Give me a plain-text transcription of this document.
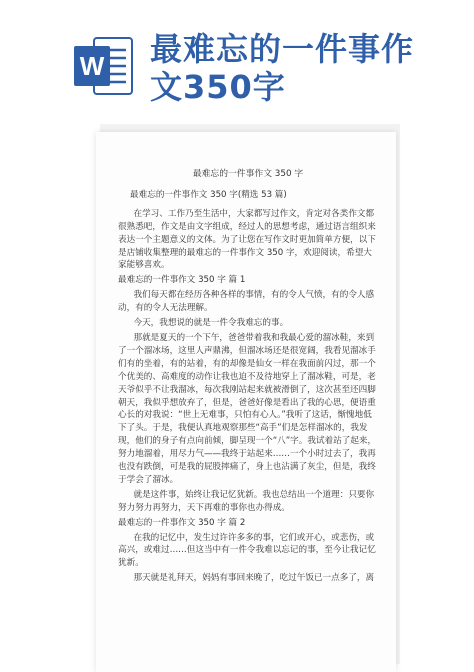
W 最难忘的一件事作
文350字

最难忘的一件事作文 350 字

最难忘的一件事作文 350 字(精选 53 篇)

在学习、工作乃至生活中，大家都写过作文，肯定对各类作文都很熟悉吧，作文是由文字组成，经过人的思想考虑，通过语言组织来表达一个主题意义的文体。为了让您在写作文时更加简单方便，以下是店铺收集整理的最难忘的一件事作文 350 字，欢迎阅读，希望大家能够喜欢。

最难忘的一件事作文 350 字 篇 1

我们每天都在经历各种各样的事情，有的令人气愤，有的令人感动，有的令人无法理解。

今天，我想说的就是一件令我难忘的事。

那就是夏天的一个下午，爸爸带着我和我最心爱的溜冰鞋，来到了一个溜冰场，这里人声鼎沸，但溜冰场还是很宽阔，我看见溜冰手们有的坐着，有的站着，有的却像是仙女一样在我面前闪过，那一个个优美的、高难度的动作让我也迫不及待地穿上了溜冰鞋，可是，老天爷似乎不让我溜冰，每次我刚站起来就被滑倒了，这次甚至还四脚朝天，我似乎想放弃了，但是，爸爸好像是看出了我的心思，便语重心长的对我说：“世上无难事，只怕有心人。”我听了这话，惭愧地低下了头。于是，我便认真地观察那些“高手”们是怎样溜冰的，我发现，他们的身子有点向前倾，脚呈现一个“八”字。我试着站了起来，努力地溜着，用尽力气——我终于站起来……一个小时过去了，我再也没有跌倒，可是我的屁股摔痛了，身上也沾满了灰尘，但是，我终于学会了溜冰。

就是这件事，始终让我记忆犹新。我也总结出一个道理：只要你努力努力再努力，天下再难的事你也办得成。

最难忘的一件事作文 350 字 篇 2

在我的记忆中，发生过许许多多的事，它们或开心，或悲伤，或高兴，或难过……但这当中有一件令我难以忘记的事，至今让我记忆犹新。

那天就是礼拜天，妈妈有事回来晚了，吃过午饭已一点多了，离
